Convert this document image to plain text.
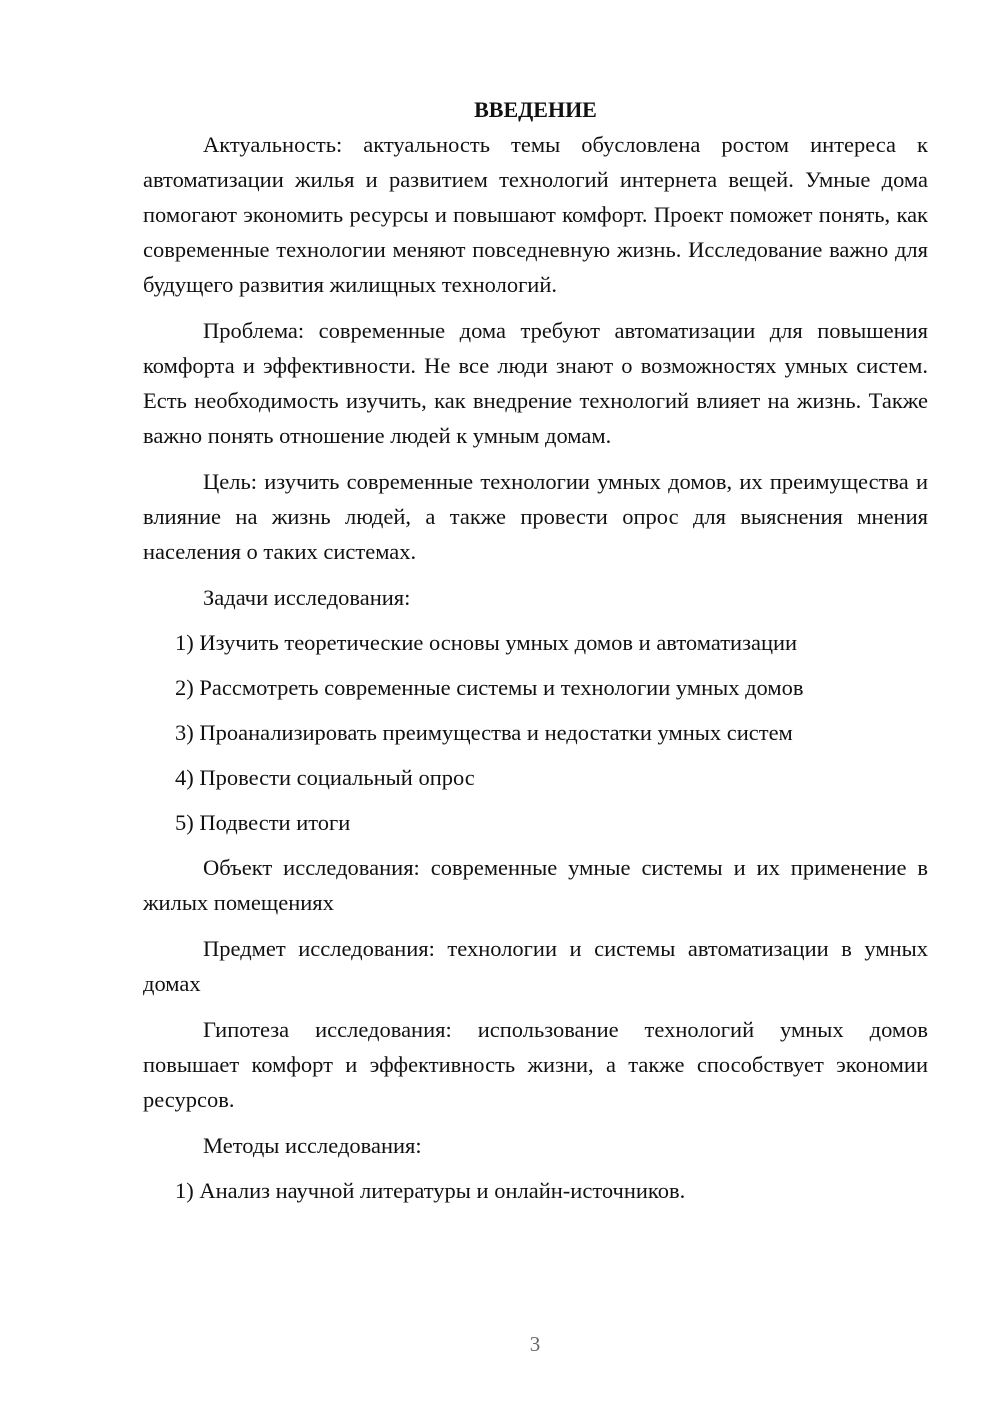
ВВЕДЕНИЕ

Актуальность: актуальность темы обусловлена ростом интереса к автоматизации жилья и развитием технологий интернета вещей. Умные дома помогают экономить ресурсы и повышают комфорт. Проект поможет понять, как современные технологии меняют повседневную жизнь. Исследование важно для будущего развития жилищных технологий.

Проблема: современные дома требуют автоматизации для повышения комфорта и эффективности. Не все люди знают о возможностях умных систем. Есть необходимость изучить, как внедрение технологий влияет на жизнь. Также важно понять отношение людей к умным домам.

Цель: изучить современные технологии умных домов, их преимущества и влияние на жизнь людей, а также провести опрос для выяснения мнения населения о таких системах.

Задачи исследования:

1) Изучить теоретические основы умных домов и автоматизации
2) Рассмотреть современные системы и технологии умных домов
3) Проанализировать преимущества и недостатки умных систем
4) Провести социальный опрос
5) Подвести итоги

Объект исследования: современные умные системы и их применение в жилых помещениях

Предмет исследования: технологии и системы автоматизации в умных домах

Гипотеза исследования: использование технологий умных домов повышает комфорт и эффективность жизни, а также способствует экономии ресурсов.

Методы исследования:

1) Анализ научной литературы и онлайн-источников.
3
